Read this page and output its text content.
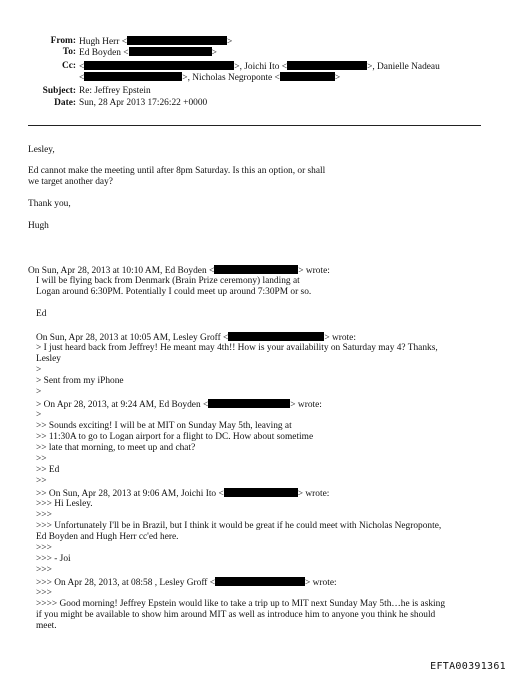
From: Hugh Herr <	>
To: Ed Boyden <	>
Cc: <	>, Joichi Ito <	>, Danielle Nadeau
<	>, Nicholas Negroponte <	>
Subject: Re: Jeffrey Epstein
Date: Sun, 28 Apr 2013 17:26:22 +0000
Lesley,
Ed cannot make the meeting until after 8pm Saturday. Is this an option, or shall
we target another day?
Thank you,
Hugh
On Sun, Apr 28, 2013 at 10:10 AM, Ed Boyden <	> wrote:
I will be flying back from Denmark (Brain Prize ceremony) landing at
Logan around 6:30PM. Potentially I could meet up around 7:30PM or so.
Ed
On Sun, Apr 28, 2013 at 10:05 AM, Lesley Groff <	> wrote:
> I just heard back from Jeffrey! He meant may 4th!! How is your availability on Saturday may 4? Thanks,
Lesley
>
> Sent from my iPhone
>
> On Apr 28, 2013, at 9:24 AM, Ed Boyden <	> wrote:
>
>> Sounds exciting! I will be at MIT on Sunday May 5th, leaving at
>> 11:30A to go to Logan airport for a flight to DC. How about sometime
>> late that morning, to meet up and chat?
>>
>> Ed
>>
>> On Sun, Apr 28, 2013 at 9:06 AM, Joichi Ito <	> wrote:
>>> Hi Lesley.
>>>
>>> Unfortunately I'll be in Brazil, but I think it would be great if he could meet with Nicholas Negroponte,
Ed Boyden and Hugh Herr cc'ed here.
>>>
>>> - Joi
>>>
>>> On Apr 28, 2013, at 08:58 , Lesley Groff <	> wrote:
>>>
>>>> Good morning! Jeffrey Epstein would like to take a trip up to MIT next Sunday May 5th…he is asking
if you might be available to show him around MIT as well as introduce him to anyone you think he should
meet.
EFTA00391361
